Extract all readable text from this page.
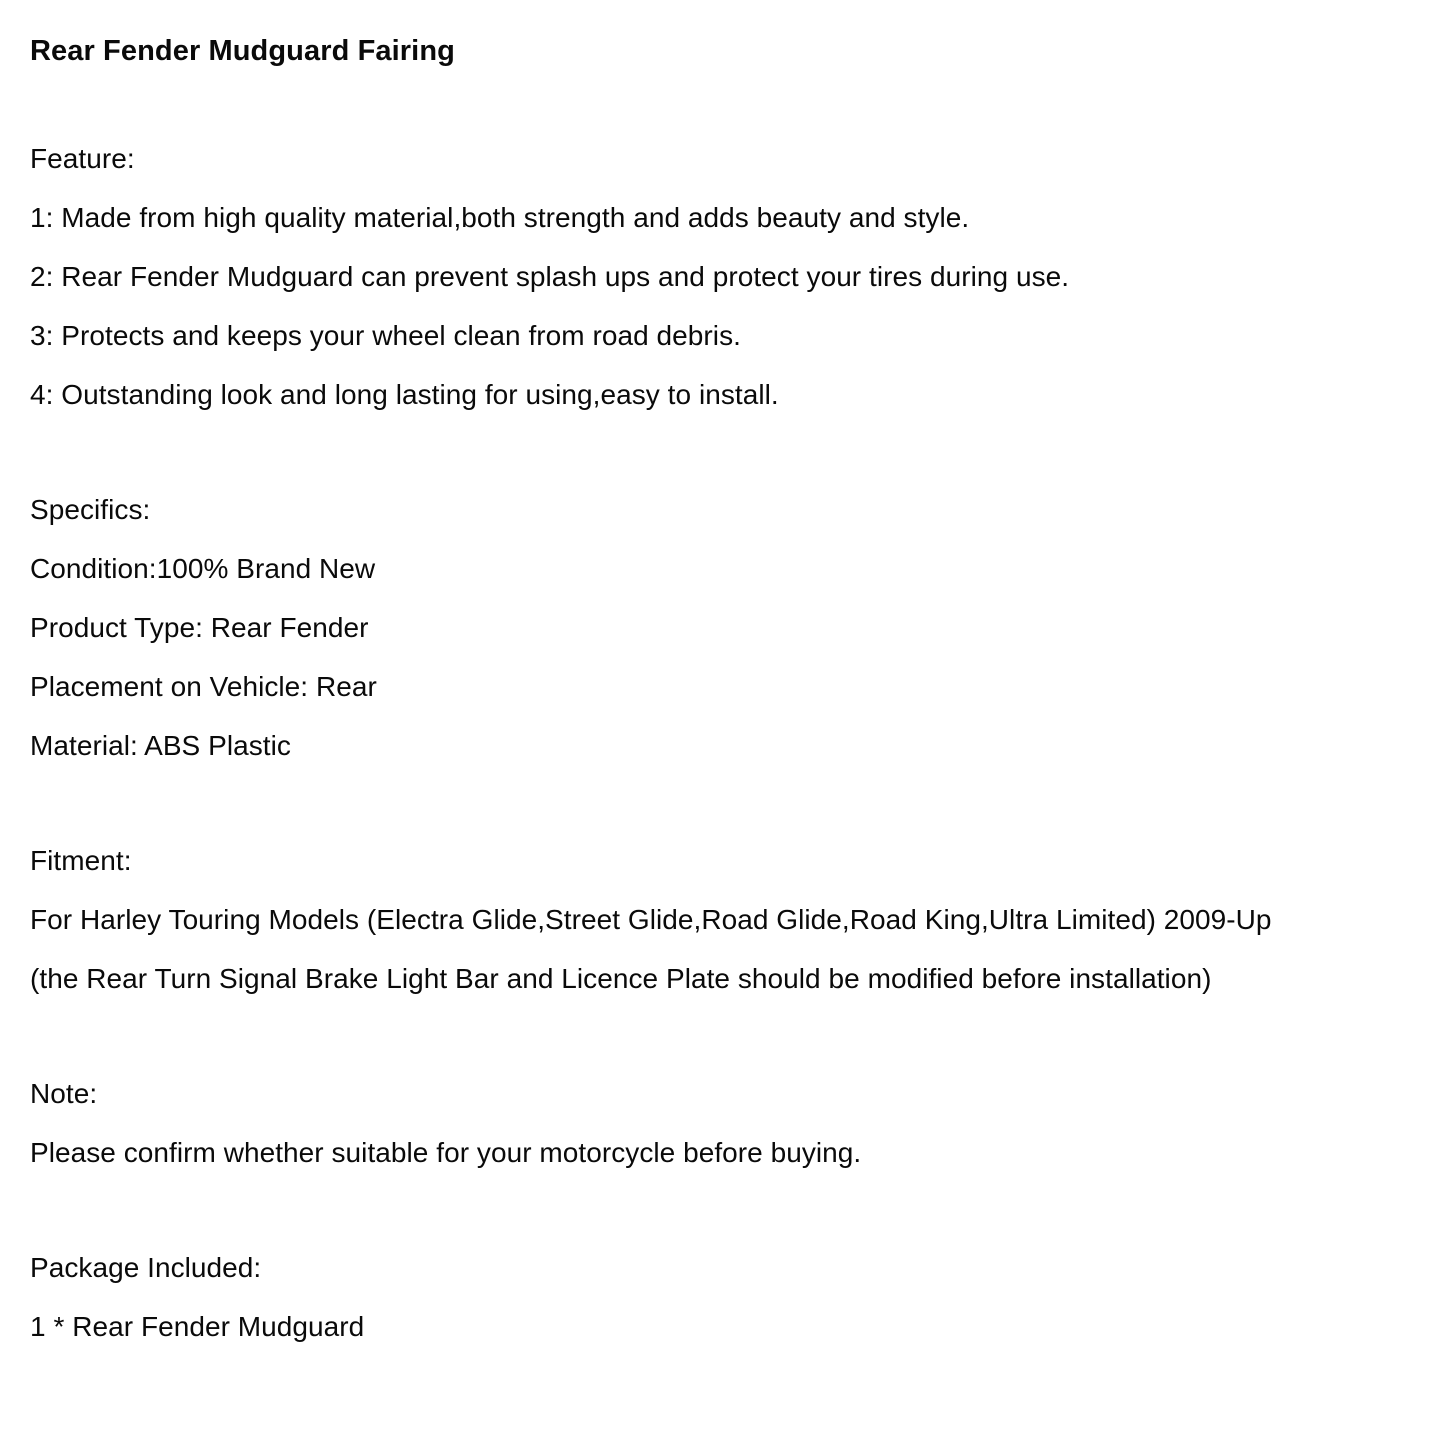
Rear Fender Mudguard Fairing
Feature:
1: Made from high quality material,both strength and adds beauty and style.
2: Rear Fender Mudguard can prevent splash ups and protect your tires during use.
3: Protects and keeps your wheel clean from road debris.
4: Outstanding look and long lasting for using,easy to install.
Specifics:
Condition:100% Brand New
Product Type: Rear Fender
Placement on Vehicle: Rear
Material: ABS Plastic
Fitment:
For Harley Touring Models (Electra Glide,Street Glide,Road Glide,Road King,Ultra Limited) 2009-Up
(the Rear Turn Signal Brake Light Bar and Licence Plate should be modified before installation)
Note:
Please confirm whether suitable for your motorcycle before buying.
Package Included:
1 * Rear Fender Mudguard
